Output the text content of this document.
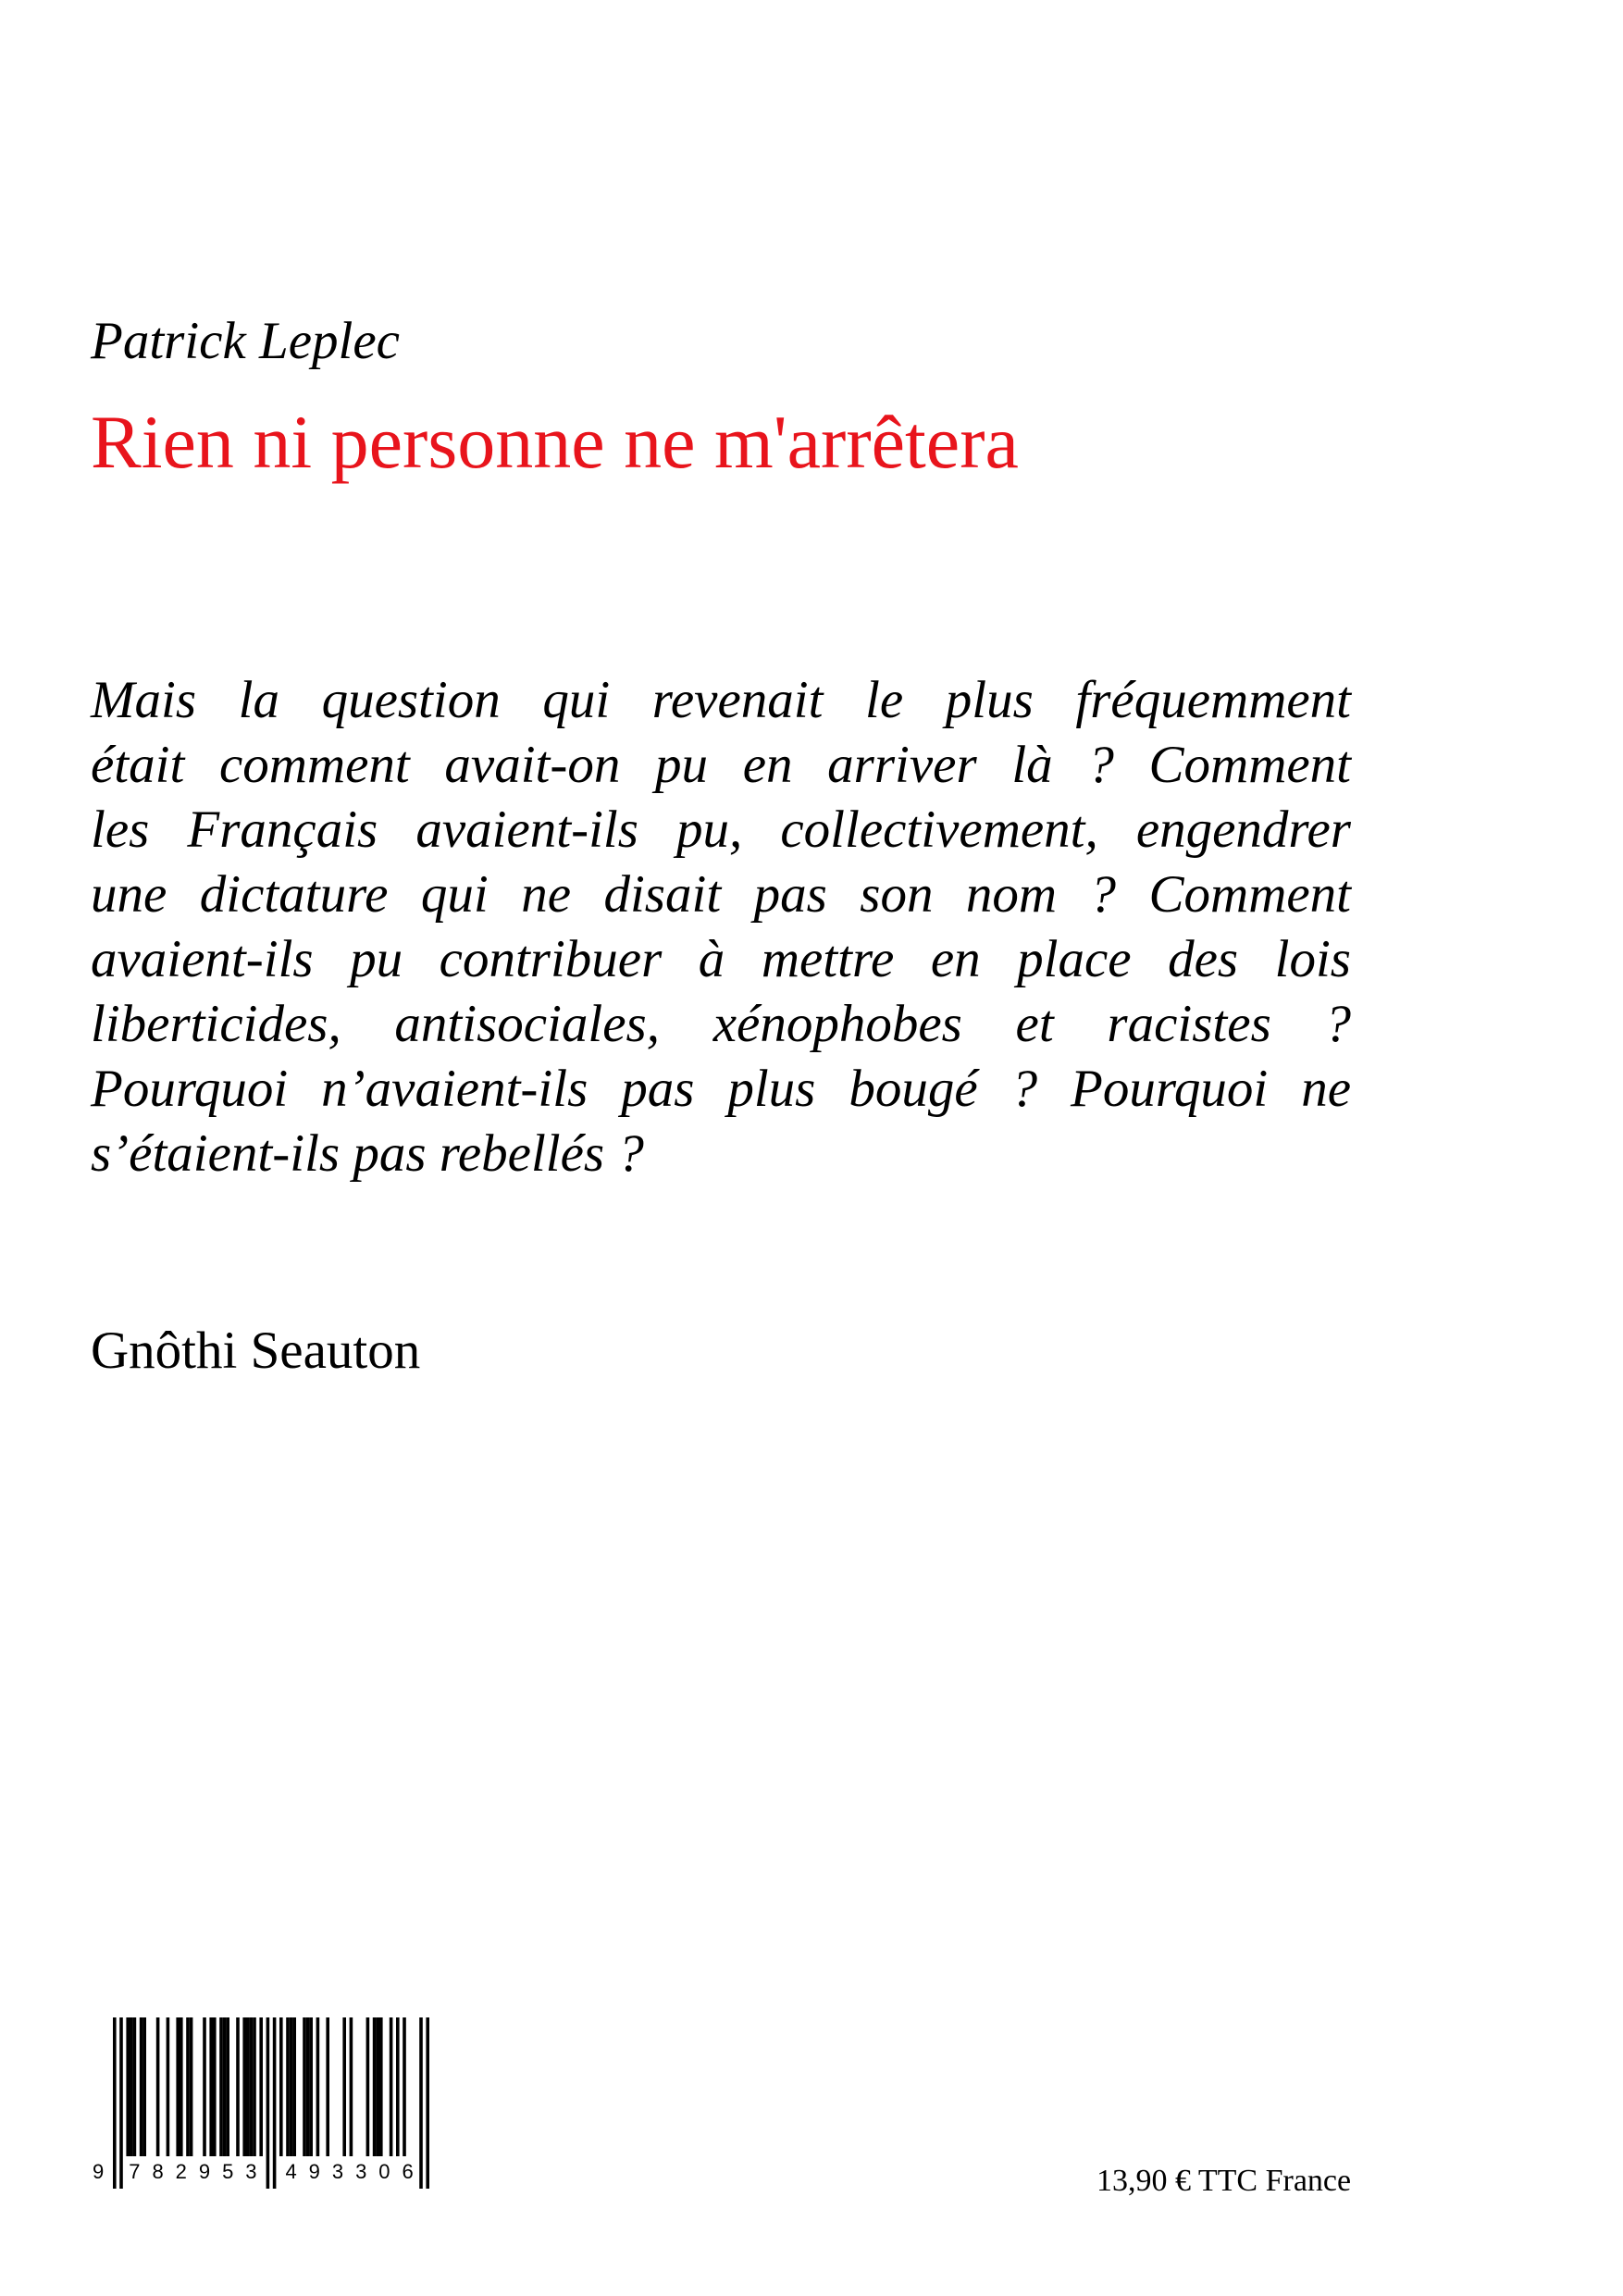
Patrick Leplec
Rien ni personne ne m'arrêtera
Mais la question qui revenait le plus fréquemment
était comment avait-on pu en arriver là ? Comment
les Français avaient-ils pu, collectivement, engendrer
une dictature qui ne disait pas son nom ? Comment
avaient-ils pu contribuer à mettre en place des lois
liberticides, antisociales, xénophobes et racistes ?
Pourquoi n’avaient-ils pas plus bougé ? Pourquoi ne
s’étaient-ils pas rebellés ?
Gnôthi Seauton
9 7 8 2 9 5 3 4 9 3 3 0 6	13,90 € TTC France
